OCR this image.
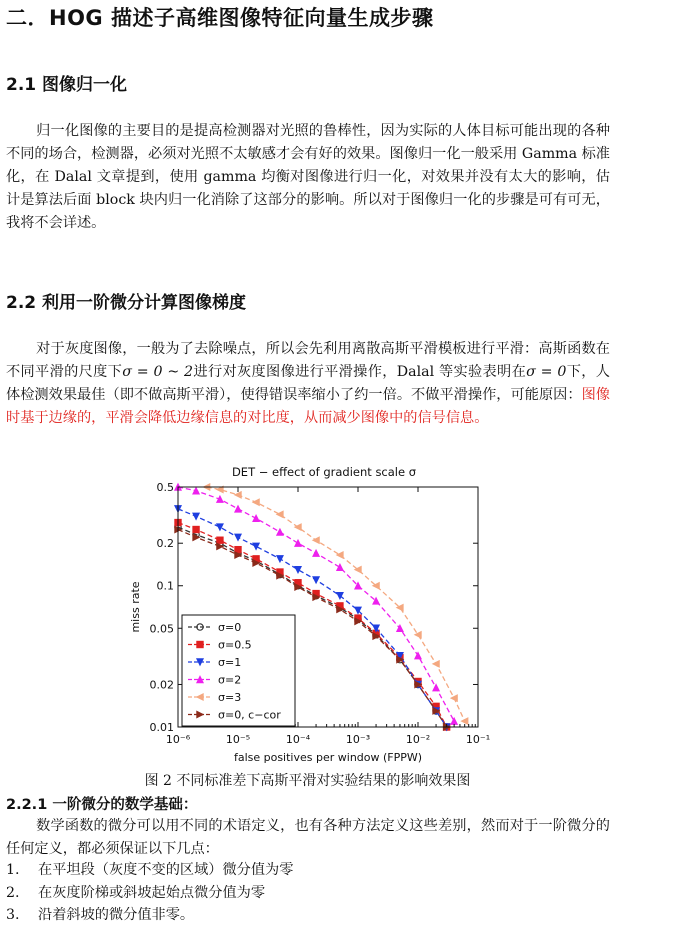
二．HOG 描述子高维图像特征向量生成步骤
2.1 图像归一化

归一化图像的主要目的是提高检测器对光照的鲁棒性，因为实际的人体目标可能出现的各种不同的场合，检测器，必须对光照不太敏感才会有好的效果。图像归一化一般采用 Gamma 标准化，在 Dalal 文章提到，使用 gamma 均衡对图像进行归一化，对效果并没有太大的影响，估计是算法后面 block 块内归一化消除了这部分的影响。所以对于图像归一化的步骤是可有可无，我将不会详述。

2.2 利用一阶微分计算图像梯度

对于灰度图像，一般为了去除噪点，所以会先利用离散高斯平滑模板进行平滑：高斯函数在不同平滑的尺度下σ = 0 ~ 2进行对灰度图像进行平滑操作，Dalal 等实验表明在σ = 0下，人体检测效果最佳（即不做高斯平滑），使得错误率缩小了约一倍。不做平滑操作，可能原因：图像时基于边缘的，平滑会降低边缘信息的对比度，从而减少图像中的信号信息。

DET − effect of gradient scale σ
10⁻⁶	10⁻⁵	10⁻⁴	10⁻³	10⁻²	10⁻¹
0.01
0.02
0.05
0.1
0.2
0.5
false positives per window (FPPW)
miss rate	σ=0
σ=0.5
σ=1
σ=2
σ=3
σ=0, c−cor

图 2 不同标准差下高斯平滑对实验结果的影响效果图

2.2.1 一阶微分的数学基础：

数学函数的微分可以用不同的术语定义，也有各种方法定义这些差别，然而对于一阶微分的任何定义，都必须保证以下几点：

1. 在平坦段（灰度不变的区域）微分值为零
2. 在灰度阶梯或斜坡起始点微分值为零
3. 沿着斜坡的微分值非零。
